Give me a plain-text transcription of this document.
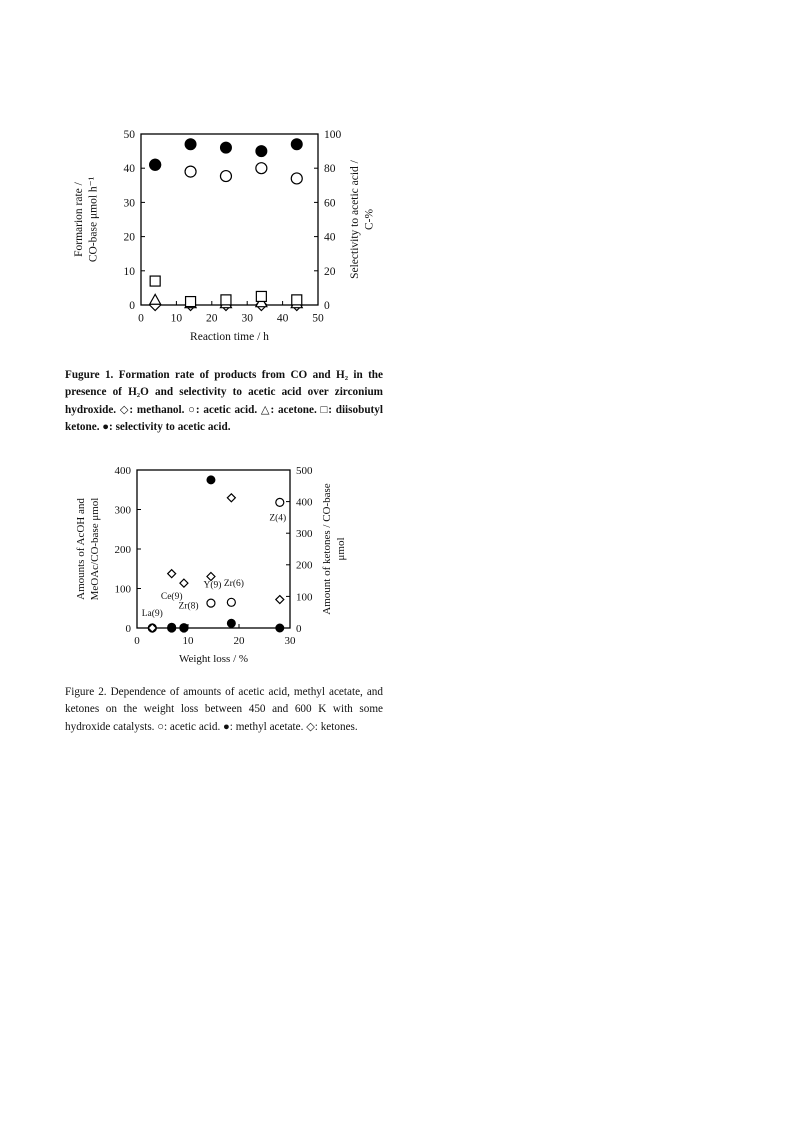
0 10 20 30 40 50
0
10
20
30
40
50
0
20
40
60
80
100
Reaction time / h
Formarion rate / CO-base μmol h⁻¹	Selectivity to acetic acid / C-%
0	10	20	30
0
100
200
300
400
0
100
200
300
400
500
Weight loss / %
Amounts of AcOH and MeOAc/CO-base μmol	Amount of ketones / CO-base μmol
La(9)
Ce(9)
Zr(8)
Y(9) Zr(6)
Z(4)

Fugure 1. Formation rate of products from CO and H₂ in the presence of H₂O and selectivity to acetic acid over zirconium hydroxide. ◇: methanol. ○: acetic acid. △: acetone. □: diisobutyl ketone. ●: selectivity to acetic acid.

Figure 2. Dependence of amounts of acetic acid, methyl acetate, and ketones on the weight loss between 450 and 600 K with some hydroxide catalysts. ○: acetic acid. ●: methyl acetate. ◇: ketones.
